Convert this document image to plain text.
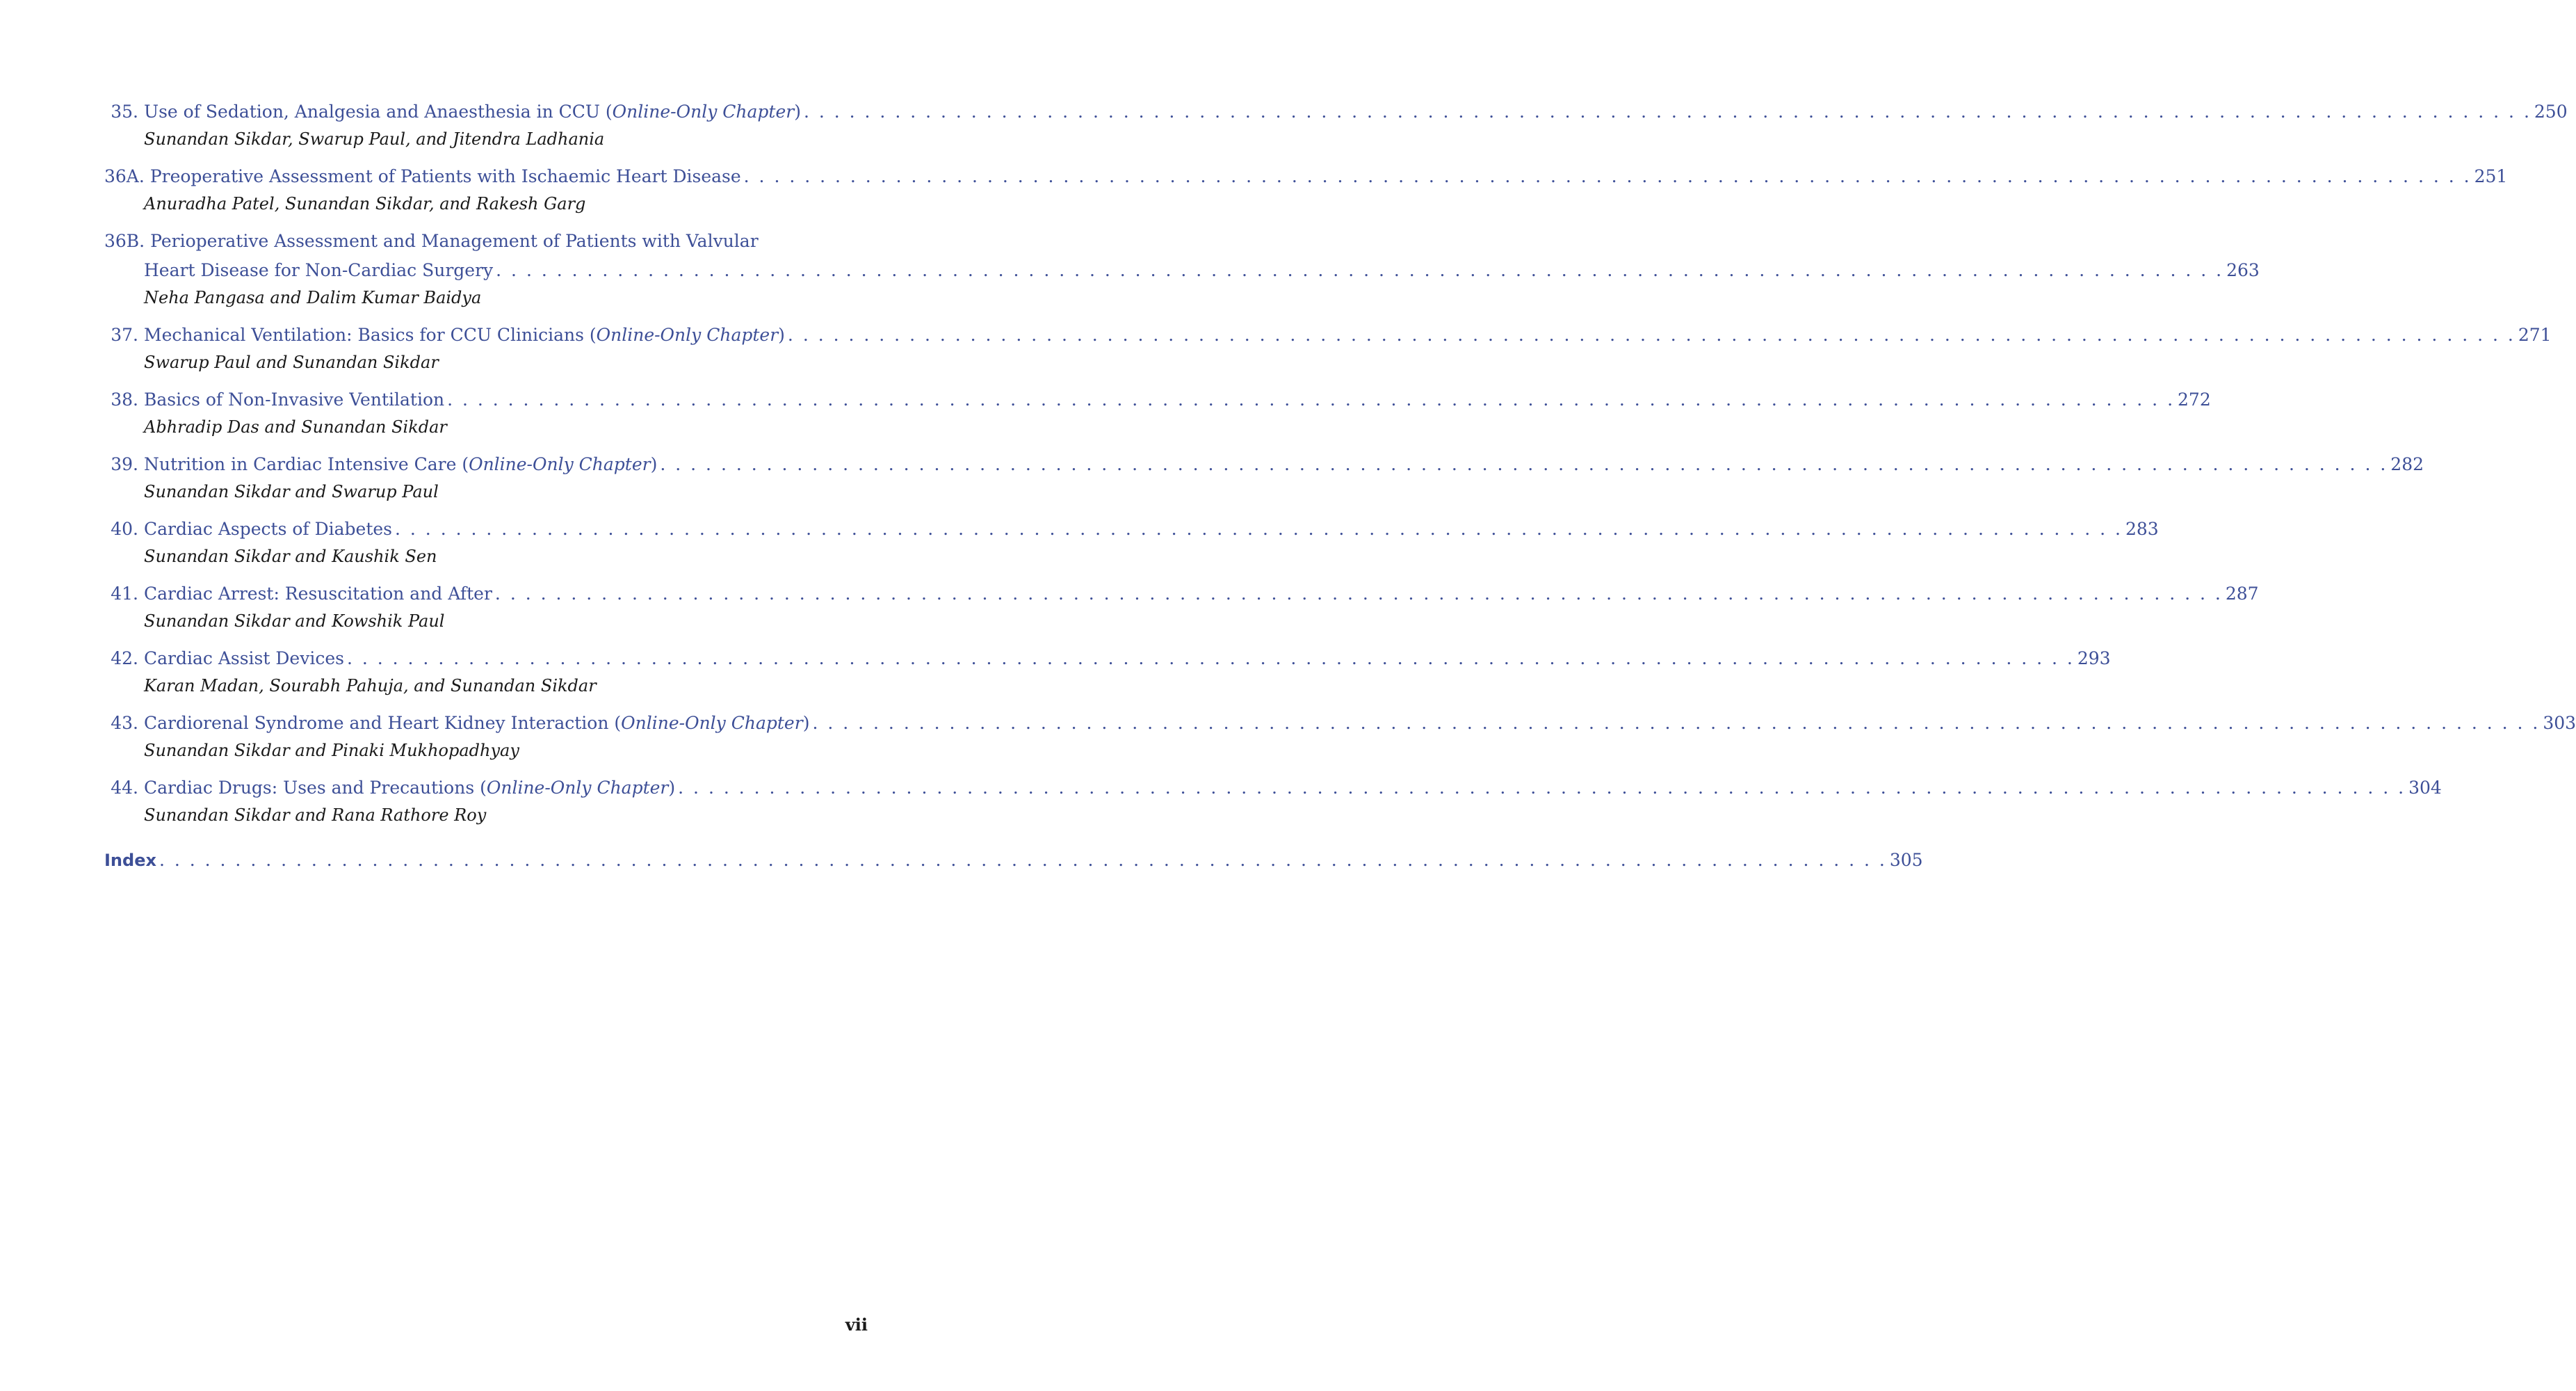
35. Use of Sedation, Analgesia and Anaesthesia in CCU (Online-Only Chapter) . . .	250
Sunandan Sikdar, Swarup Paul, and Jitendra Ladhania
36A. Preoperative Assessment of Patients with Ischaemic Heart Disease . . .	251
Anuradha Patel, Sunandan Sikdar, and Rakesh Garg
36B. Perioperative Assessment and Management of Patients with Valvular
Heart Disease for Non-Cardiac Surgery . . .	263
Neha Pangasa and Dalim Kumar Baidya
37. Mechanical Ventilation: Basics for CCU Clinicians (Online-Only Chapter) . . .	271
Swarup Paul and Sunandan Sikdar
38. Basics of Non-Invasive Ventilation . . .	272
Abhradip Das and Sunandan Sikdar
39. Nutrition in Cardiac Intensive Care (Online-Only Chapter) . . .	282
Sunandan Sikdar and Swarup Paul
40. Cardiac Aspects of Diabetes . . .	283
Sunandan Sikdar and Kaushik Sen
41. Cardiac Arrest: Resuscitation and After . . .	287
Sunandan Sikdar and Kowshik Paul
42. Cardiac Assist Devices . . .	293
Karan Madan, Sourabh Pahuja, and Sunandan Sikdar
43. Cardiorenal Syndrome and Heart Kidney Interaction (Online-Only Chapter) . . .	303
Sunandan Sikdar and Pinaki Mukhopadhyay
44. Cardiac Drugs: Uses and Precautions (Online-Only Chapter) . . .	304
Sunandan Sikdar and Rana Rathore Roy
Index . . .	305
vii
